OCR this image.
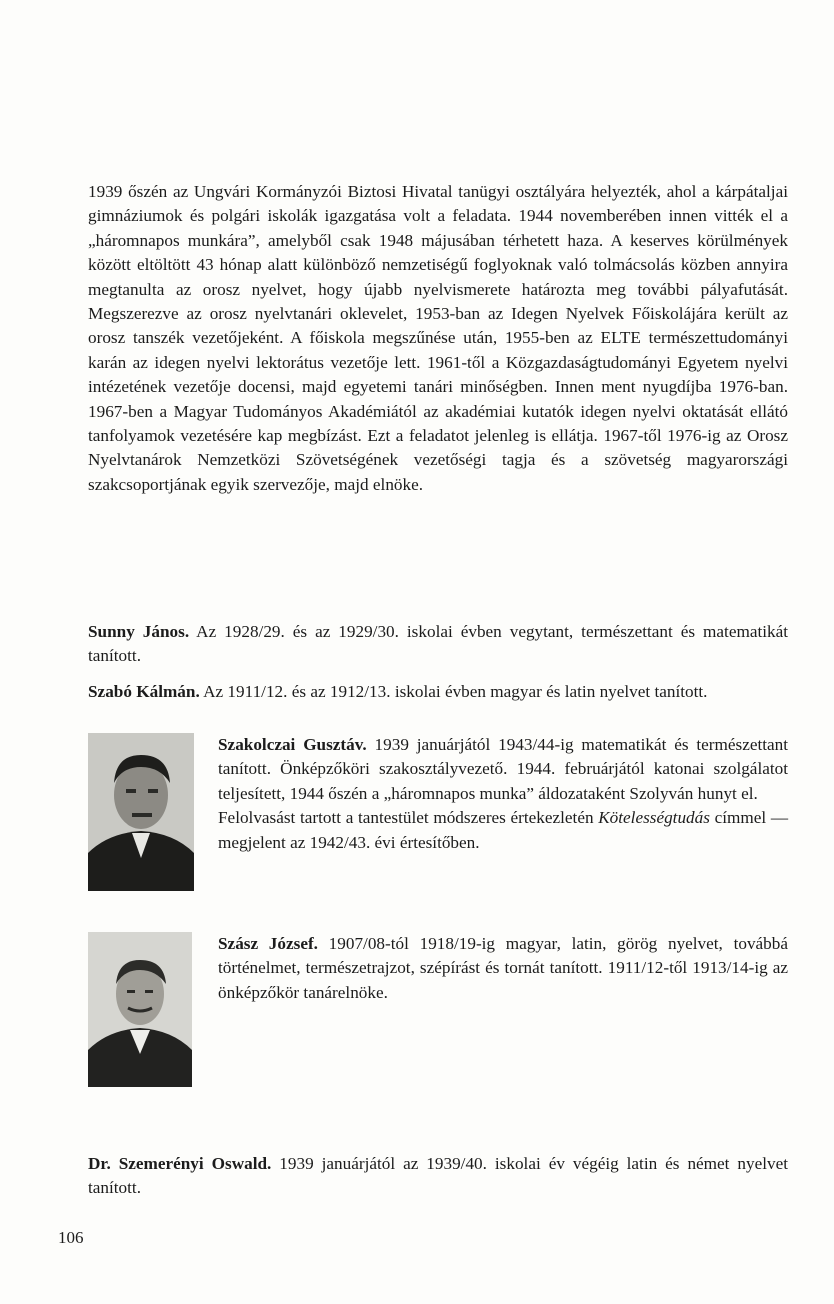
1939 őszén az Ungvári Kormányzói Biztosi Hivatal tanügyi osztályára helyezték, ahol a kárpátaljai gimnáziumok és polgári iskolák igazgatása volt a feladata. 1944 novemberében innen vitték el a „háromnapos munkára”, amelyből csak 1948 májusában térhetett haza. A keserves körülmények között eltöltött 43 hónap alatt különböző nemzetiségű foglyoknak való tolmácsolás közben annyira megtanulta az orosz nyelvet, hogy újabb nyelvismerete határozta meg további pályafutását. Megszerezve az orosz nyelvtanári oklevelet, 1953-ban az Idegen Nyelvek Főiskolájára került az orosz tanszék vezetőjeként. A főiskola megszűnése után, 1955-ben az ELTE természettudományi karán az idegen nyelvi lektorátus vezetője lett. 1961-től a Közgazdaságtudományi Egyetem nyelvi intézetének vezetője docensi, majd egyetemi tanári minőségben. Innen ment nyugdíjba 1976-ban. 1967-ben a Magyar Tudományos Akadémiától az akadémiai kutatók idegen nyelvi oktatását ellátó tanfolyamok vezetésére kap megbízást. Ezt a feladatot jelenleg is ellátja. 1967-től 1976-ig az Orosz Nyelvtanárok Nemzetközi Szövetségének vezetőségi tagja és a szövetség magyarországi szakcsoportjának egyik szervezője, majd elnöke.

Sunny János. Az 1928/29. és az 1929/30. iskolai évben vegytant, természettant és matematikát tanított.

Szabó Kálmán. Az 1911/12. és az 1912/13. iskolai évben magyar és latin nyelvet tanított.

Szakolczai Gusztáv. 1939 januárjától 1943/44-ig matematikát és természettant tanított. Önképzőköri szakosztályvezető. 1944. februárjától katonai szolgálatot teljesített, 1944 őszén a „háromnapos munka” áldozataként Szolyván hunyt el.

Felolvasást tartott a tantestület módszeres értekezletén Kötelességtudás címmel — megjelent az 1942/43. évi értesítőben.

Szász József. 1907/08-tól 1918/19-ig magyar, latin, görög nyelvet, továbbá történelmet, természetrajzot, szépírást és tornát tanított. 1911/12-től 1913/14-ig az önképzőkör tanárelnöke.

Dr. Szemerényi Oswald. 1939 januárjától az 1939/40. iskolai év végéig latin és német nyelvet tanított.

106
